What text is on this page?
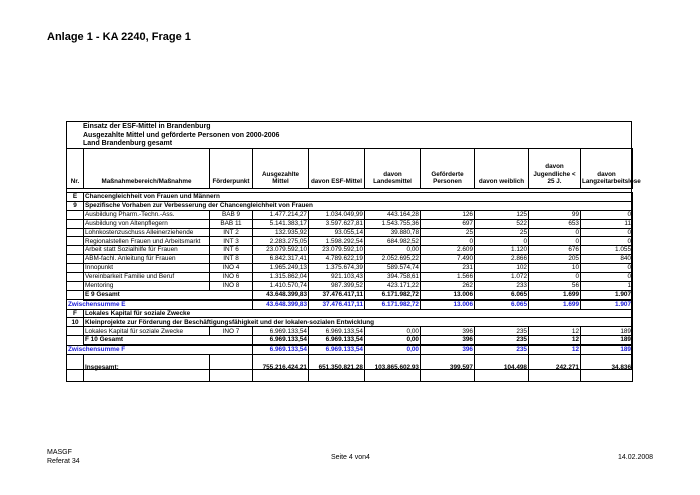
Anlage 1 - KA 2240, Frage 1
Einsatz der ESF-Mittel in Brandenburg
Ausgezahlte Mittel und geförderte Personen von 2000-2006
Land Brandenburg gesamt
Nr.	Maßnahmebereich/Maßnahme	Förderpunkt	Ausgezahlte Mittel	davon ESF-Mittel	davon Landesmittel	Geförderte Personen	davon weiblich	davon Jugendliche < 25 J.	davon Langzeitarbeitslose

E	Chancengleichheit von Frauen und Männern								
9	Spezifische Vorhaben zur Verbesserung der Chancengleichheit von Frauen								
	Ausbildung Pharm.-Techn.-Ass.	BAB 9	1.477.214,27	1.034.049,99	443.164,28	126	125	99	0
	Ausbildung von Altenpflegern	BAB 11	5.141.383,17	3.597.627,81	1.543.755,36	697	522	653	11
	Lohnkostenzuschuss Alleinerziehende	INT 2	132.935,92	93.055,14	39.880,78	25	25	0	0
	Regionalstellen Frauen und Arbeitsmarkt	INT 3	2.283.275,05	1.598.292,54	684.982,52	0	0	0	0
	Arbeit statt Sozialhilfe für Frauen	INT 6	23.079.592,10	23.079.592,10	0,00	2.609	1.120	676	1.055
	ABM-fachl. Anleitung für Frauen	INT 8	6.842.317,41	4.789.622,19	2.052.695,22	7.490	2.866	205	840
	Innopunkt	INO 4	1.965.249,13	1.375.674,39	589.574,74	231	102	10	0
	Vereinbarkeit Familie und Beruf	INO 6	1.315.862,04	921.103,43	394.758,61	1.566	1.072	0	0
	Mentoring	INO 8	1.410.570,74	987.399,52	423.171,22	262	233	56	1
	E 9 Gesamt		43.648.399,83	37.476.417,11	6.171.982,72	13.006	6.065	1.699	1.907
Zwischensumme E			43.648.399,83	37.476.417,11	6.171.982,72	13.006	6.065	1.699	1.907
F	Lokales Kapital für soziale Zwecke								
10	Kleinprojekte zur Förderung der Beschäftigungsfähigkeit und der lokalen-sozialen Entwicklung								
	Lokales Kapital für soziale Zwecke	INO 7	6.969.133,54	6.969.133,54	0,00	396	235	12	189
	F 10 Gesamt		6.969.133,54	6.969.133,54	0,00	396	235	12	189
Zwischensumme F			6.969.133,54	6.969.133,54	0,00	396	235	12	189
	Insgesamt:		755.216.424,21	651.350.821,28	103.865.602,93	399.597	104.498	242.271	34.836
MASGF
Referat 34
Seite 4 von4	14.02.2008
